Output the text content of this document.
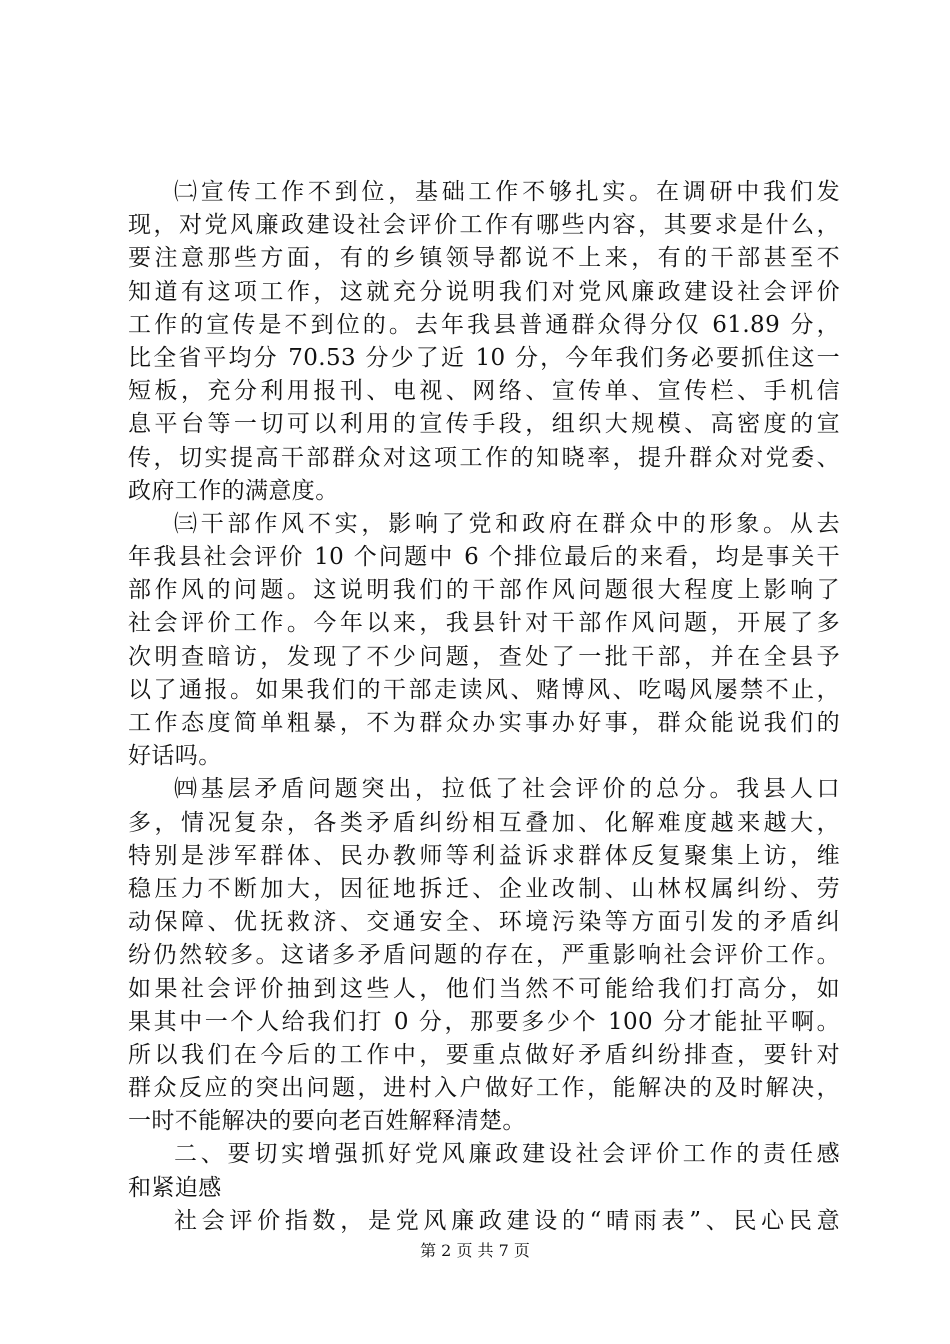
㈡宣传工作不到位，基础工作不够扎实。在调研中我们发
现，对党风廉政建设社会评价工作有哪些内容，其要求是什么，
要注意那些方面，有的乡镇领导都说不上来，有的干部甚至不
知道有这项工作，这就充分说明我们对党风廉政建设社会评价
工作的宣传是不到位的。去年我县普通群众得分仅 61.89 分，
比全省平均分 70.53 分少了近 10 分，今年我们务必要抓住这一
短板，充分利用报刊、电视、网络、宣传单、宣传栏、手机信
息平台等一切可以利用的宣传手段，组织大规模、高密度的宣
传，切实提高干部群众对这项工作的知晓率，提升群众对党委、
政府工作的满意度。
㈢干部作风不实，影响了党和政府在群众中的形象。从去
年我县社会评价 10 个问题中 6 个排位最后的来看，均是事关干
部作风的问题。这说明我们的干部作风问题很大程度上影响了
社会评价工作。今年以来，我县针对干部作风问题，开展了多
次明查暗访，发现了不少问题，查处了一批干部，并在全县予
以了通报。如果我们的干部走读风、赌博风、吃喝风屡禁不止，
工作态度简单粗暴，不为群众办实事办好事，群众能说我们的
好话吗。
㈣基层矛盾问题突出，拉低了社会评价的总分。我县人口
多，情况复杂，各类矛盾纠纷相互叠加、化解难度越来越大，
特别是涉军群体、民办教师等利益诉求群体反复聚集上访，维
稳压力不断加大，因征地拆迁、企业改制、山林权属纠纷、劳
动保障、优抚救济、交通安全、环境污染等方面引发的矛盾纠
纷仍然较多。这诸多矛盾问题的存在，严重影响社会评价工作。
如果社会评价抽到这些人，他们当然不可能给我们打高分，如
果其中一个人给我们打 0 分，那要多少个 100 分才能扯平啊。
所以我们在今后的工作中，要重点做好矛盾纠纷排查，要针对
群众反应的突出问题，进村入户做好工作，能解决的及时解决，
一时不能解决的要向老百姓解释清楚。
二、要切实增强抓好党风廉政建设社会评价工作的责任感
和紧迫感
社会评价指数，是党风廉政建设的“晴雨表”、民心民意
第 2 页 共 7 页
